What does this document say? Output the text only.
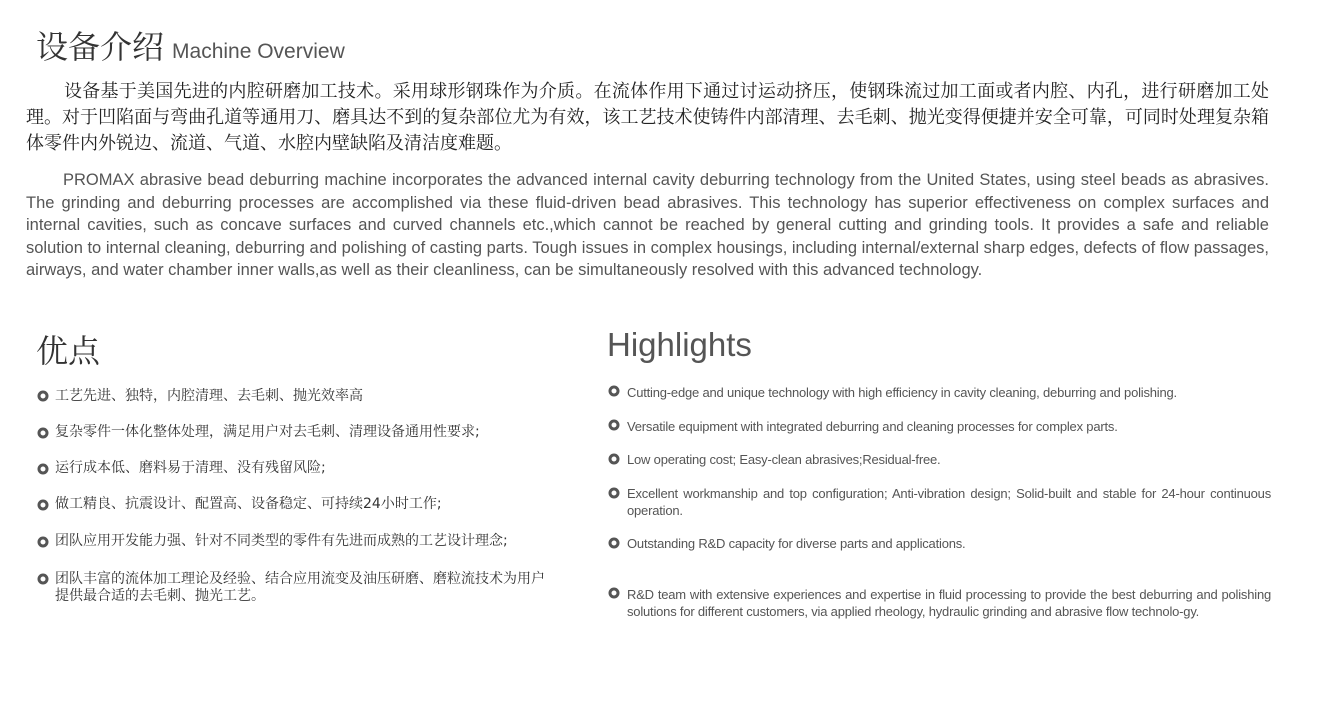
设备介绍 Machine Overview

设备基于美国先进的内腔研磨加工技术。采用球形钢珠作为介质。在流体作用下通过讨运动挤压，使钢珠流过加工面或者内腔、内孔，进行研磨加工处理。对于凹陷面与弯曲孔道等通用刀、磨具达不到的复杂部位尤为有效，该工艺技术使铸件内部清理、去毛刺、抛光变得便捷并安全可靠，可同时处理复杂箱体零件内外锐边、流道、气道、水腔内壁缺陷及清洁度难题。

PROMAX abrasive bead deburring machine incorporates the advanced internal cavity deburring technology from the United States, using steel beads as abrasives. The grinding and deburring processes are accomplished via these fluid-driven bead abrasives. This technology has superior effectiveness on complex surfaces and internal cavities, such as concave surfaces and curved channels etc.,which cannot be reached by general cutting and grinding tools. It provides a safe and reliable solution to internal cleaning, deburring and polishing of casting parts. Tough issues in complex housings, including internal/external sharp edges, defects of flow passages, airways, and water chamber inner walls,as well as their cleanliness, can be simultaneously resolved with this advanced technology.

优点	Highlights
工艺先进、独特，内腔清理、去毛刺、抛光效率高
复杂零件一体化整体处理，满足用户对去毛刺、清理设备通用性要求;
运行成本低、磨料易于清理、没有残留风险;
做工精良、抗震设计、配置高、设备稳定、可持续24小时工作;
团队应用开发能力强、针对不同类型的零件有先进而成熟的工艺设计理念;
团队丰富的流体加工理论及经验、结合应用流变及油压研磨、磨粒流技术为用户提供最合适的去毛刺、抛光工艺。
Cutting-edge and unique technology with high efficiency in cavity cleaning, deburring and polishing.
Versatile equipment with integrated deburring and cleaning processes for complex parts.
Low operating cost; Easy-clean abrasives;Residual-free.
Excellent workmanship and top configuration; Anti-vibration design; Solid-built and stable for 24-hour continuous operation.
Outstanding R&D capacity for diverse parts and applications.
R&D team with extensive experiences and expertise in fluid processing to provide the best deburring and polishing solutions for different customers, via applied rheology, hydraulic grinding and abrasive flow technolo-gy.
